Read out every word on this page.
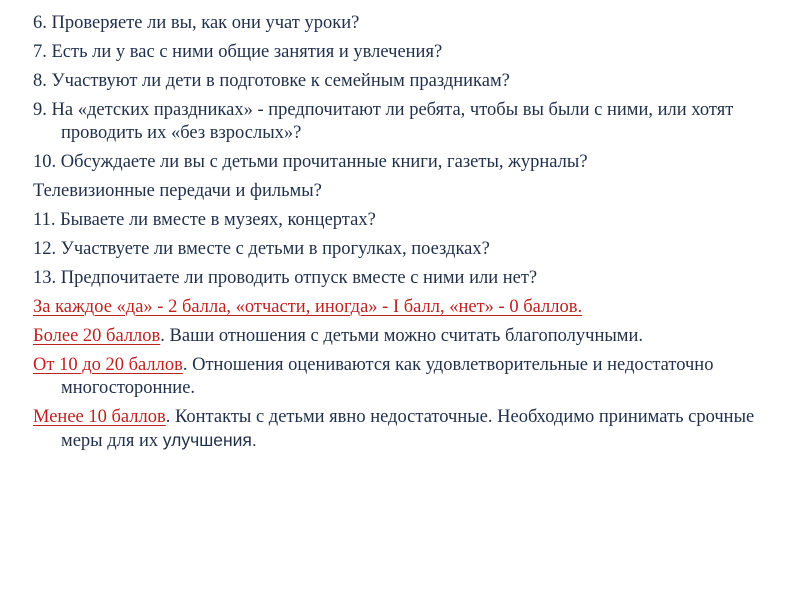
6. Проверяете ли вы, как они учат уроки?
7. Есть ли у вас с ними общие занятия и увлечения?
8. Участвуют ли дети в подготовке к семейным праздникам?
9. На «детских праздниках» - предпочитают ли ребята, чтобы вы были с ними, или хотят проводить их «без взрослых»?
10. Обсуждаете ли вы с детьми прочитанные книги, газеты, журналы?
Телевизионные передачи и фильмы?
11. Бываете ли вместе в музеях, концертах?
12. Участвуете ли вместе с детьми в прогулках, поездках?
13. Предпочитаете ли проводить отпуск вместе с ними или нет?
За каждое «да» - 2 балла, «отчасти, иногда» - I балл, «нет» - 0 баллов.
Более 20 баллов. Ваши отношения с детьми можно считать благополучными.
От 10 до 20 баллов. Отношения оцениваются как удовлетворительные и недостаточно многосторонние.
Менее 10 баллов. Контакты с детьми явно недостаточные. Необходимо принимать срочные меры для их улучшения.
